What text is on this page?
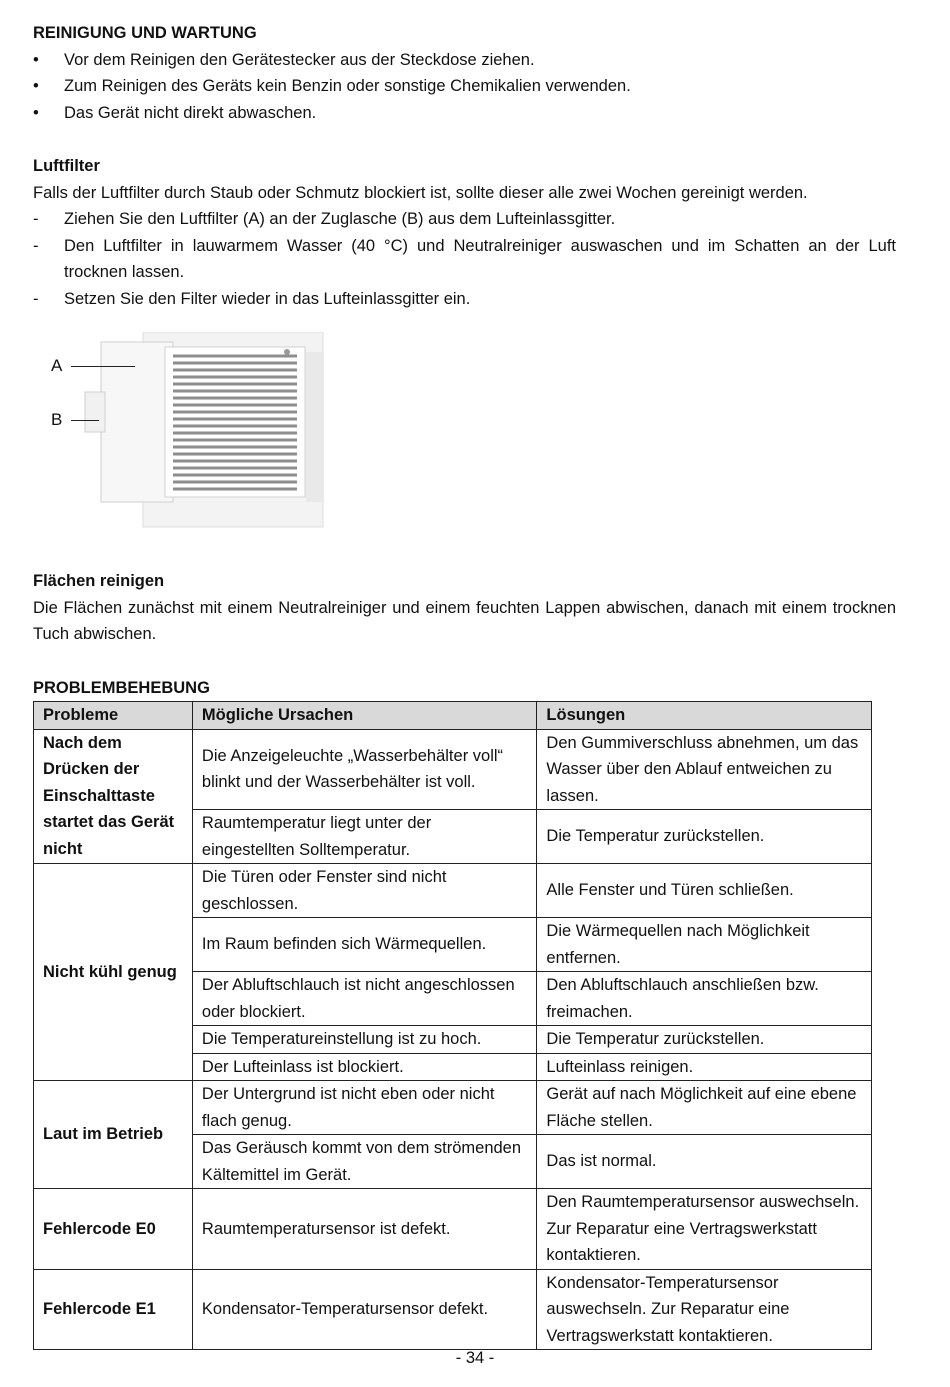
REINIGUNG UND WARTUNG

• Vor dem Reinigen den Gerätestecker aus der Steckdose ziehen.
• Zum Reinigen des Geräts kein Benzin oder sonstige Chemikalien verwenden.
• Das Gerät nicht direkt abwaschen.

Luftfilter

Falls der Luftfilter durch Staub oder Schmutz blockiert ist, sollte dieser alle zwei Wochen gereinigt werden.

- Ziehen Sie den Luftfilter (A) an der Zuglasche (B) aus dem Lufteinlassgitter.
- Den Luftfilter in lauwarmem Wasser (40 °C) und Neutralreiniger auswaschen und im Schatten an der Luft trocknen lassen.
- Setzen Sie den Filter wieder in das Lufteinlassgitter ein.
A
B

Flächen reinigen

Die Flächen zunächst mit einem Neutralreiniger und einem feuchten Lappen abwischen, danach mit einem trocknen Tuch abwischen.

PROBLEMBEHEBUNG

Probleme	Mögliche Ursachen	Lösungen
Nach dem Drücken der Einschalttaste startet das Gerät nicht	Die Anzeigeleuchte „Wasserbehälter voll“ blinkt und der Wasserbehälter ist voll.	Den Gummiverschluss abnehmen, um das Wasser über den Ablauf entweichen zu lassen.
	Raumtemperatur liegt unter der eingestellten Solltemperatur.	Die Temperatur zurückstellen.
Nicht kühl genug	Die Türen oder Fenster sind nicht geschlossen.	Alle Fenster und Türen schließen.
	Im Raum befinden sich Wärmequellen.	Die Wärmequellen nach Möglichkeit entfernen.
	Der Abluftschlauch ist nicht angeschlossen oder blockiert.	Den Abluftschlauch anschließen bzw. freimachen.
	Die Temperatureinstellung ist zu hoch.	Die Temperatur zurückstellen.
	Der Lufteinlass ist blockiert.	Lufteinlass reinigen.
Laut im Betrieb	Der Untergrund ist nicht eben oder nicht flach genug.	Gerät auf nach Möglichkeit auf eine ebene Fläche stellen.
	Das Geräusch kommt von dem strömenden Kältemittel im Gerät.	Das ist normal.
Fehlercode E0	Raumtemperatursensor ist defekt.	Den Raumtemperatursensor auswechseln. Zur Reparatur eine Vertragswerkstatt kontaktieren.
Fehlercode E1	Kondensator-Temperatursensor defekt.	Kondensator-Temperatursensor auswechseln. Zur Reparatur eine Vertragswerkstatt kontaktieren.
- 34 -
